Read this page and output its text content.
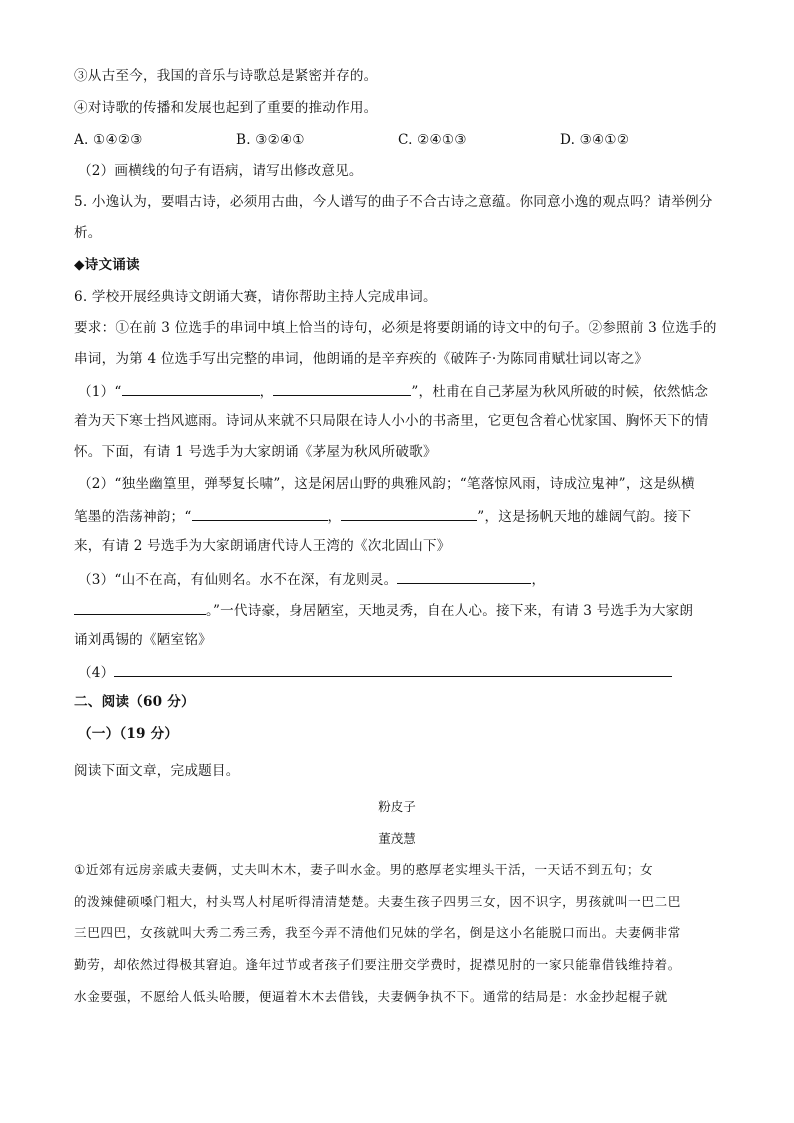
③从古至今，我国的音乐与诗歌总是紧密并存的。
④对诗歌的传播和发展也起到了重要的推动作用。
A. ①④②③	B. ③②④①	C. ②④①③	D. ③④①②
（2）画横线的句子有语病，请写出修改意见。
5. 小逸认为，要唱古诗，必须用古曲，今人谱写的曲子不合古诗之意蕴。你同意小逸的观点吗？请举例分
析。
◆诗文诵读
6. 学校开展经典诗文朗诵大赛，请你帮助主持人完成串词。
要求：①在前 3 位选手的串词中填上恰当的诗句，必须是将要朗诵的诗文中的句子。②参照前 3 位选手的
串词，为第 4 位选手写出完整的串词，他朗诵的是辛弃疾的《破阵子·为陈同甫赋壮词以寄之》
（1）“	，	”，杜甫在自己茅屋为秋风所破的时候，依然惦念
着为天下寒士挡风遮雨。诗词从来就不只局限在诗人小小的书斋里，它更包含着心忧家国、胸怀天下的情
怀。下面，有请 1 号选手为大家朗诵《茅屋为秋风所破歌》
（2）“独坐幽篁里，弹琴复长啸”，这是闲居山野的典雅风韵；“笔落惊风雨，诗成泣鬼神”，这是纵横
笔墨的浩荡神韵；“	，	”，这是扬帆天地的雄阔气韵。接下
来，有请 2 号选手为大家朗诵唐代诗人王湾的《次北固山下》
（3）“山不在高，有仙则名。水不在深，有龙则灵。	，
。”一代诗豪，身居陋室，天地灵秀，自在人心。接下来，有请 3 号选手为大家朗
诵刘禹锡的《陋室铭》
（4）
二、阅读（60 分）
（一）（19 分）
阅读下面文章，完成题目。
粉皮子
董茂慧
①近郊有远房亲戚夫妻俩，丈夫叫木木，妻子叫水金。男的憨厚老实埋头干活，一天话不到五句；女
的泼辣健硕嗓门粗大，村头骂人村尾听得清清楚楚。夫妻生孩子四男三女，因不识字，男孩就叫一巴二巴
三巴四巴，女孩就叫大秀二秀三秀，我至今弄不清他们兄妹的学名，倒是这小名能脱口而出。夫妻俩非常
勤劳，却依然过得极其窘迫。逢年过节或者孩子们要注册交学费时，捉襟见肘的一家只能靠借钱维持着。
水金要强，不愿给人低头哈腰，便逼着木木去借钱，夫妻俩争执不下。通常的结局是：水金抄起棍子就
